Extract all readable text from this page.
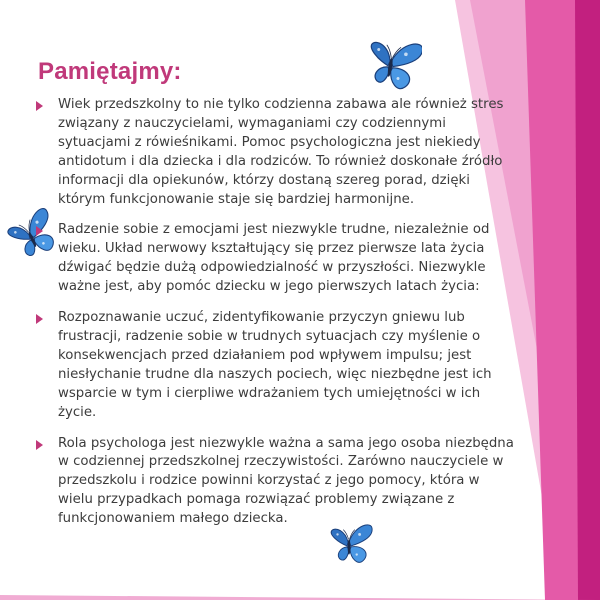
Pamiętajmy:

Wiek przedszkolny to nie tylko codzienna zabawa ale również stres związany z nauczycielami, wymaganiami czy codziennymi sytuacjami z rówieśnikami. Pomoc psychologiczna jest niekiedy antidotum i dla dziecka i dla rodziców. To również doskonałe źródło informacji dla opiekunów, którzy dostaną szereg porad, dzięki którym funkcjonowanie staje się bardziej harmonijne.

Radzenie sobie z emocjami jest niezwykle trudne, niezależnie od wieku. Układ nerwowy kształtujący się przez pierwsze lata życia dźwigać będzie dużą odpowiedzialność w przyszłości. Niezwykle ważne jest, aby pomóc dziecku w jego pierwszych latach życia:

Rozpoznawanie uczuć, zidentyfikowanie przyczyn gniewu lub frustracji, radzenie sobie w trudnych sytuacjach czy myślenie o konsekwencjach przed działaniem pod wpływem impulsu; jest niesłychanie trudne dla naszych pociech, więc niezbędne jest ich wsparcie w tym i cierpliwe wdrażaniem tych umiejętności w ich życie.

Rola psychologa jest niezwykle ważna a sama jego osoba niezbędna w codziennej przedszkolnej rzeczywistości. Zarówno nauczyciele w przedszkolu i rodzice powinni korzystać z jego pomocy, która w wielu przypadkach pomaga rozwiązać problemy związane z funkcjonowaniem małego dziecka.
